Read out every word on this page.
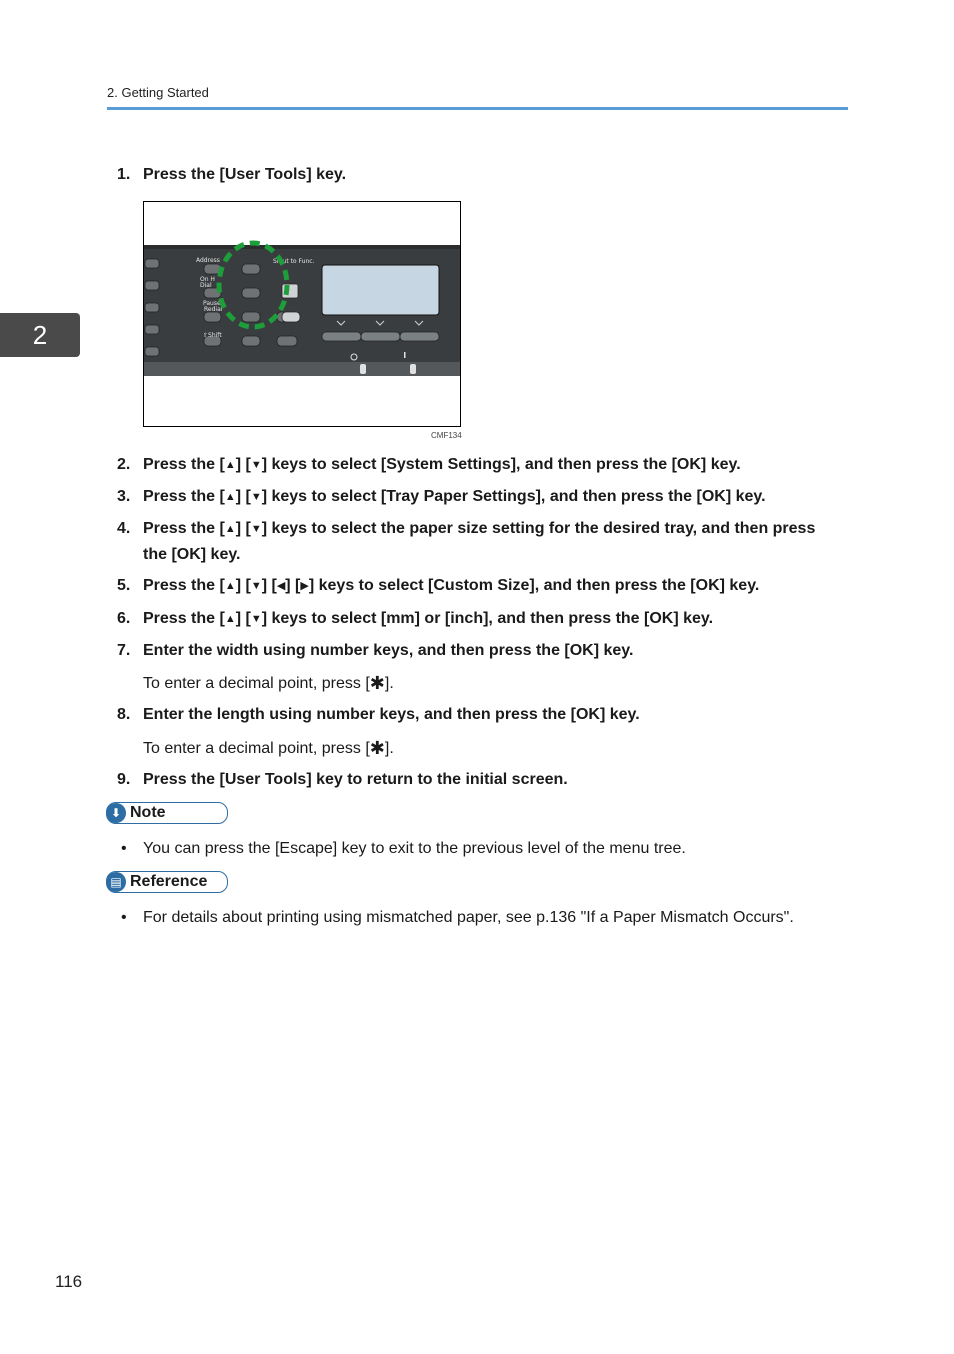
2. Getting Started
2
1. Press the [User Tools] key.
Address
On H
Dial
Pause/
Redial
⇧Shift
Sh ut to Func.
CMF134
2. Press the [▲] [▼] keys to select [System Settings], and then press the [OK] key.
3. Press the [▲] [▼] keys to select [Tray Paper Settings], and then press the [OK] key.
4. Press the [▲] [▼] keys to select the paper size setting for the desired tray, and then press the [OK] key.
5. Press the [▲] [▼] [◀] [▶] keys to select [Custom Size], and then press the [OK] key.
6. Press the [▲] [▼] keys to select [mm] or [inch], and then press the [OK] key.
7. Enter the width using number keys, and then press the [OK] key.
To enter a decimal point, press [✱].
8. Enter the length using number keys, and then press the [OK] key.
To enter a decimal point, press [✱].
9. Press the [User Tools] key to return to the initial screen.
⬇ Note
•	You can press the [Escape] key to exit to the previous level of the menu tree.
▤ Reference
•	For details about printing using mismatched paper, see p.136 "If a Paper Mismatch Occurs".
116
